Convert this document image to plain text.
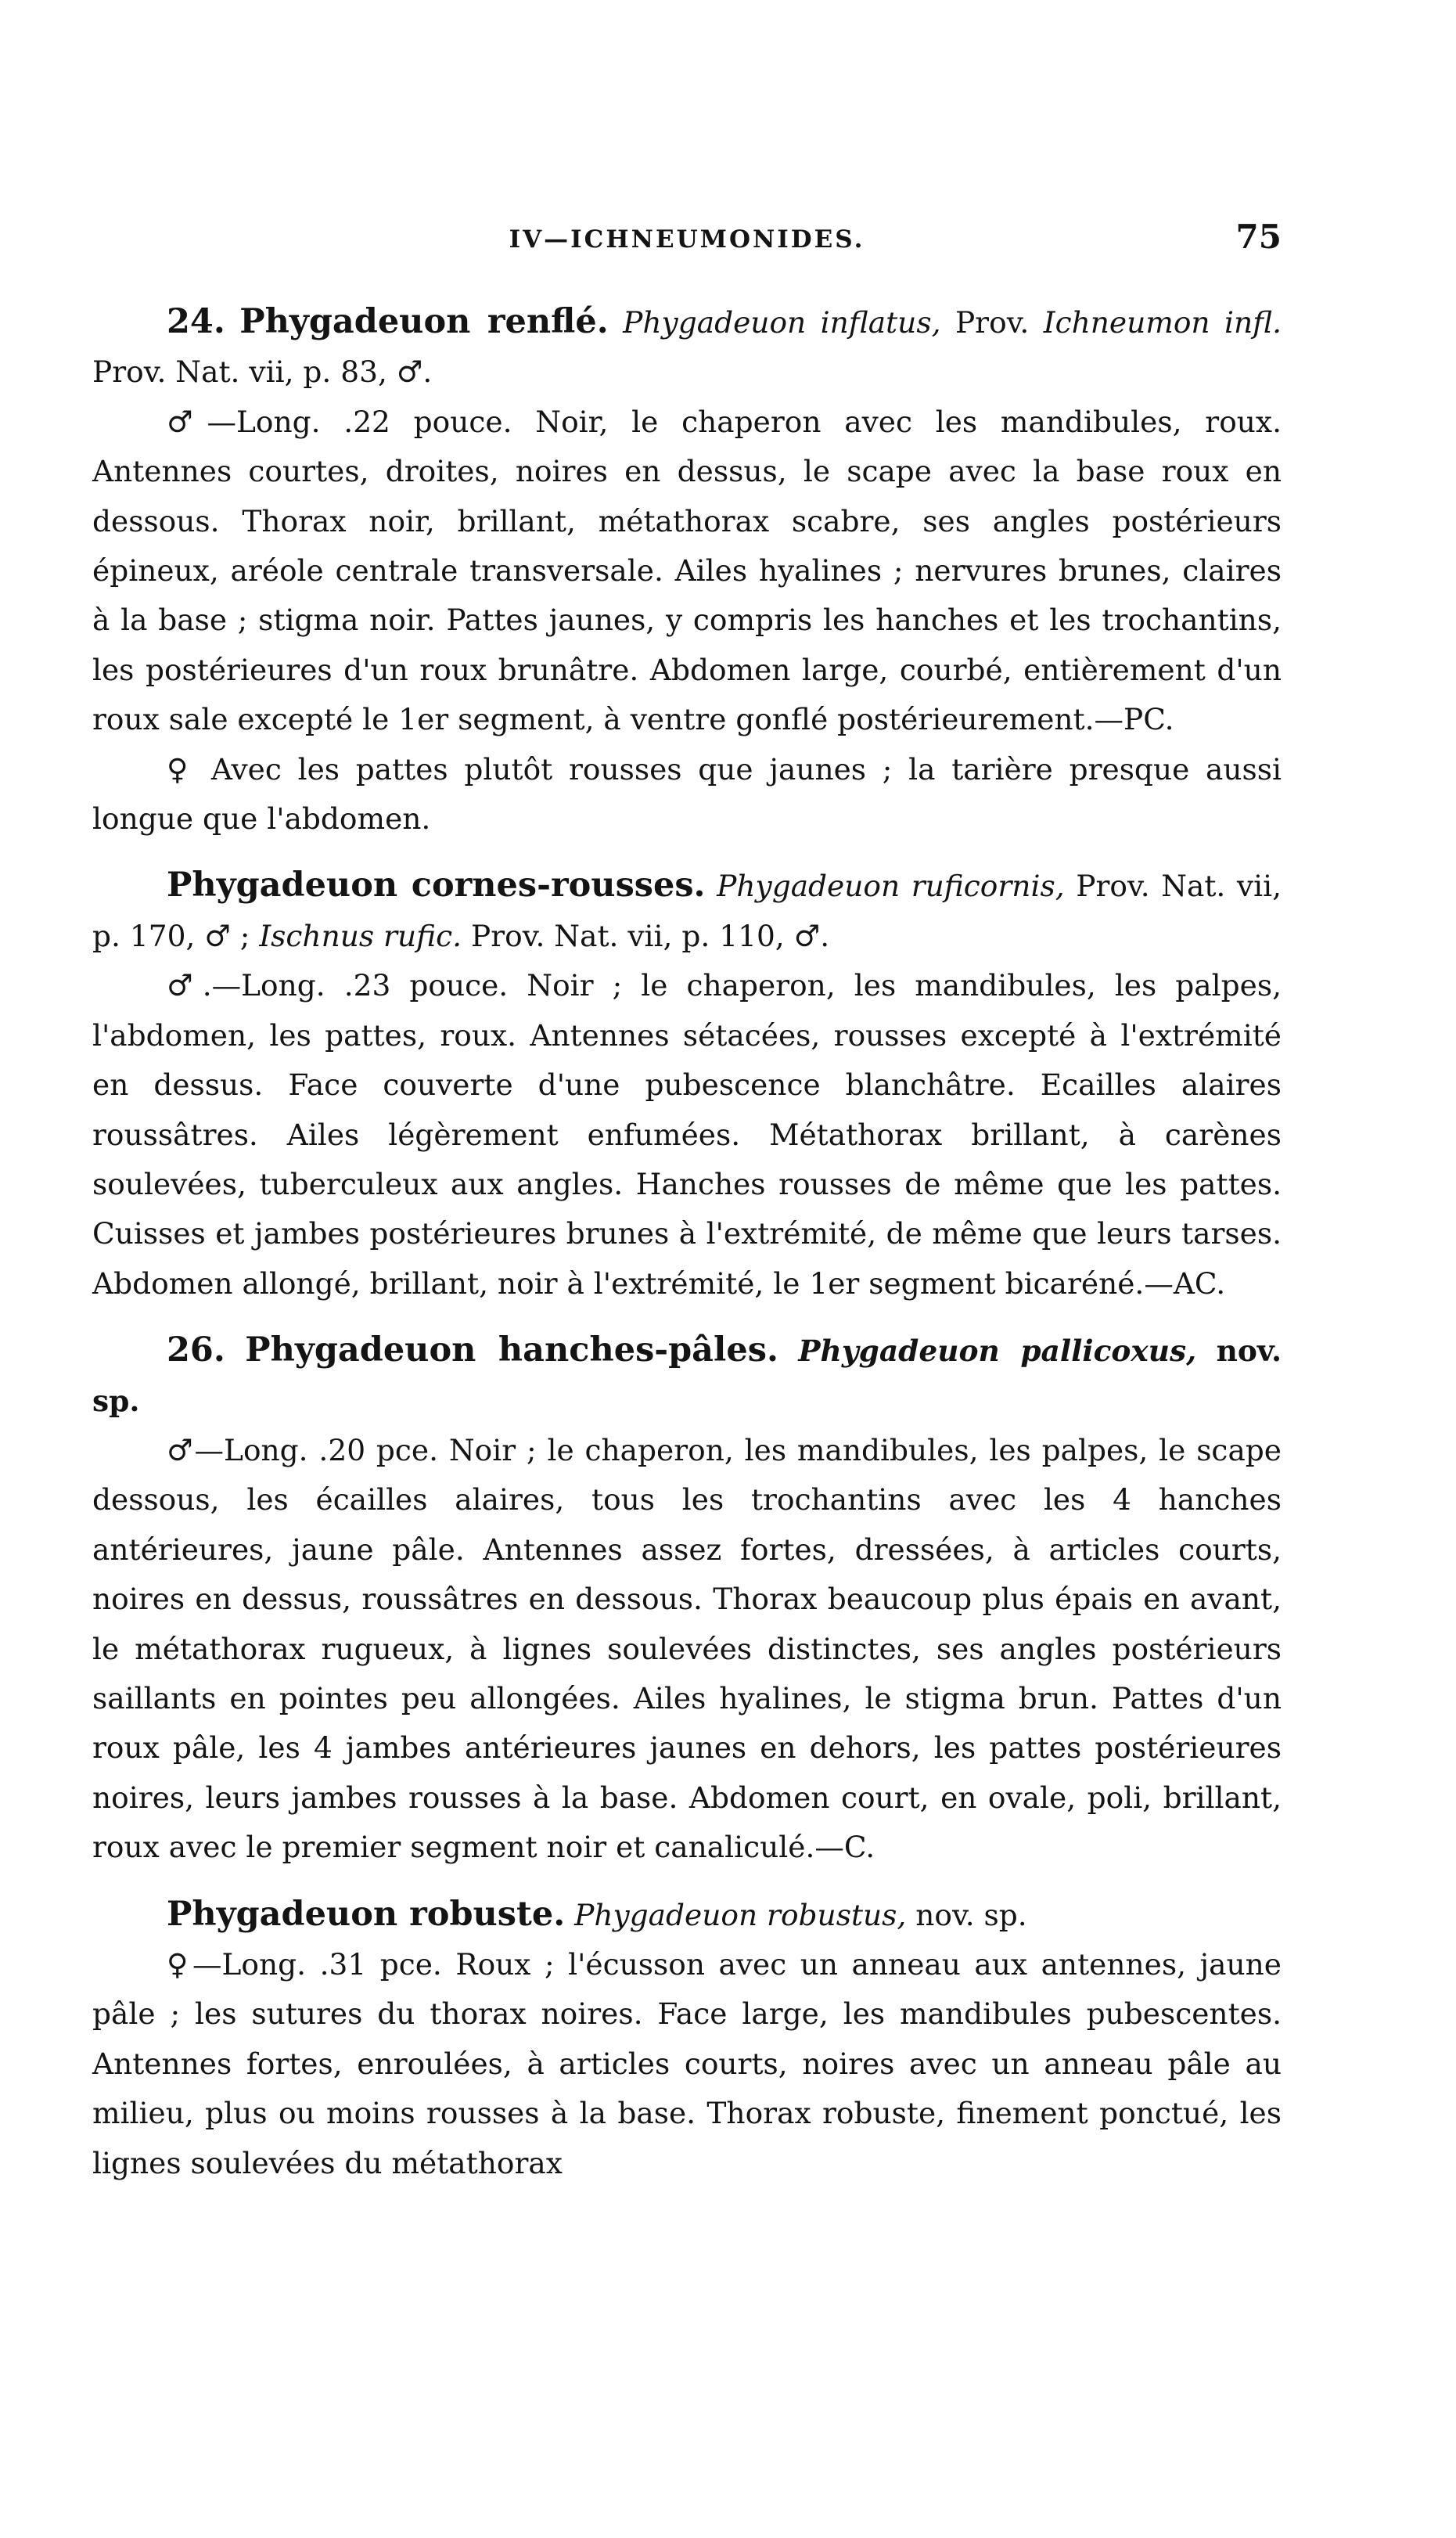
IV—ICHNEUMONIDES.	75

24. Phygadeuon renflé. Phygadeuon inflatus, Prov. Ichneumon infl. Prov. Nat. vii, p. 83, ♂.

♂—Long. .22 pouce. Noir, le chaperon avec les mandibules, roux. Antennes courtes, droites, noires en dessus, le scape avec la base roux en dessous. Thorax noir, brillant, métathorax scabre, ses angles postérieurs épineux, aréole centrale transversale. Ailes hyalines ; nervures brunes, claires à la base ; stigma noir. Pattes jaunes, y compris les hanches et les trochantins, les postérieures d'un roux brunâtre. Abdomen large, courbé, entièrement d'un roux sale excepté le 1er segment, à ventre gonflé postérieurement.—PC.

♀ Avec les pattes plutôt rousses que jaunes ; la tarière presque aussi longue que l'abdomen.

Phygadeuon cornes-rousses. Phygadeuon ruficornis, Prov. Nat. vii, p. 170, ♂ ; Ischnus rufic. Prov. Nat. vii, p. 110, ♂.

♂.—Long. .23 pouce. Noir ; le chaperon, les mandibules, les palpes, l'abdomen, les pattes, roux. Antennes sétacées, rousses excepté à l'extrémité en dessus. Face couverte d'une pubescence blanchâtre. Ecailles alaires roussâtres. Ailes légèrement enfumées. Métathorax brillant, à carènes soulevées, tuberculeux aux angles. Hanches rousses de même que les pattes. Cuisses et jambes postérieures brunes à l'extrémité, de même que leurs tarses. Abdomen allongé, brillant, noir à l'extrémité, le 1er segment bicaréné.—AC.

26. Phygadeuon hanches-pâles. Phygadeuon pallicoxus, nov. sp.

♂—Long. .20 pce. Noir ; le chaperon, les mandibules, les palpes, le scape dessous, les écailles alaires, tous les trochantins avec les 4 hanches antérieures, jaune pâle. Antennes assez fortes, dressées, à articles courts, noires en dessus, roussâtres en dessous. Thorax beaucoup plus épais en avant, le métathorax rugueux, à lignes soulevées distinctes, ses angles postérieurs saillants en pointes peu allongées. Ailes hyalines, le stigma brun. Pattes d'un roux pâle, les 4 jambes antérieures jaunes en dehors, les pattes postérieures noires, leurs jambes rousses à la base. Abdomen court, en ovale, poli, brillant, roux avec le premier segment noir et canaliculé.—C.

Phygadeuon robuste. Phygadeuon robustus, nov. sp.

♀—Long. .31 pce. Roux ; l'écusson avec un anneau aux antennes, jaune pâle ; les sutures du thorax noires. Face large, les mandibules pubescentes. Antennes fortes, enroulées, à articles courts, noires avec un anneau pâle au milieu, plus ou moins rousses à la base. Thorax robuste, finement ponctué, les lignes soulevées du métathorax
